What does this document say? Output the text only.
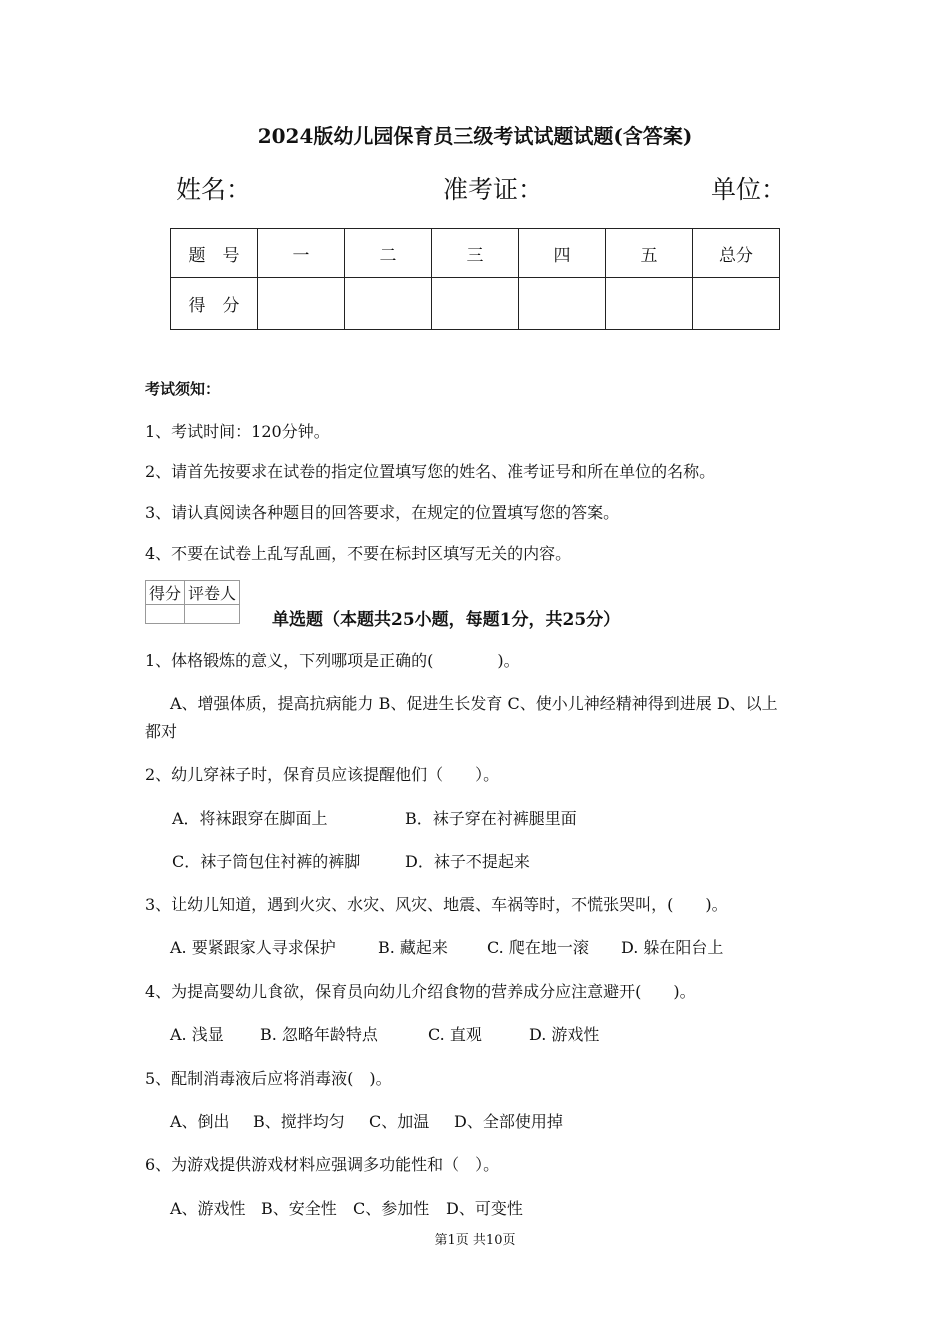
2024版幼儿园保育员三级考试试题试题(含答案)
姓名：	准考证：	单位：
题　号	一	二	三	四	五	总分
得　分						
考试须知：
1、考试时间：120分钟。
2、请首先按要求在试卷的指定位置填写您的姓名、准考证号和所在单位的名称。
3、请认真阅读各种题目的回答要求，在规定的位置填写您的答案。
4、不要在试卷上乱写乱画，不要在标封区填写无关的内容。
得分	评卷人

单选题（本题共25小题，每题1分，共25分）
1、体格锻炼的意义，下列哪项是正确的(　　　　)。
A、增强体质，提高抗病能力 B、促进生长发育 C、使小儿神经精神得到进展 D、以上
都对
2、幼儿穿袜子时，保育员应该提醒他们（　　）。
A．将袜跟穿在脚面上	B．袜子穿在衬裤腿里面
C．袜子筒包住衬裤的裤脚	D．袜子不提起来
3、让幼儿知道，遇到火灾、水灾、风灾、地震、车祸等时，不慌张哭叫，(　　)。
A. 要紧跟家人寻求保护	B. 藏起来 C. 爬在地一滚 D. 躲在阳台上
4、为提高婴幼儿食欲，保育员向幼儿介绍食物的营养成分应注意避开(　　)。
A. 浅显 B. 忽略年龄特点	C. 直观	D. 游戏性
5、配制消毒液后应将消毒液(　)。
A、倒出 B、搅拌均匀 C、加温 D、全部使用掉
6、为游戏提供游戏材料应强调多功能性和（　）。
A、游戏性 B、安全性 C、参加性 D、可变性
第1页 共10页
